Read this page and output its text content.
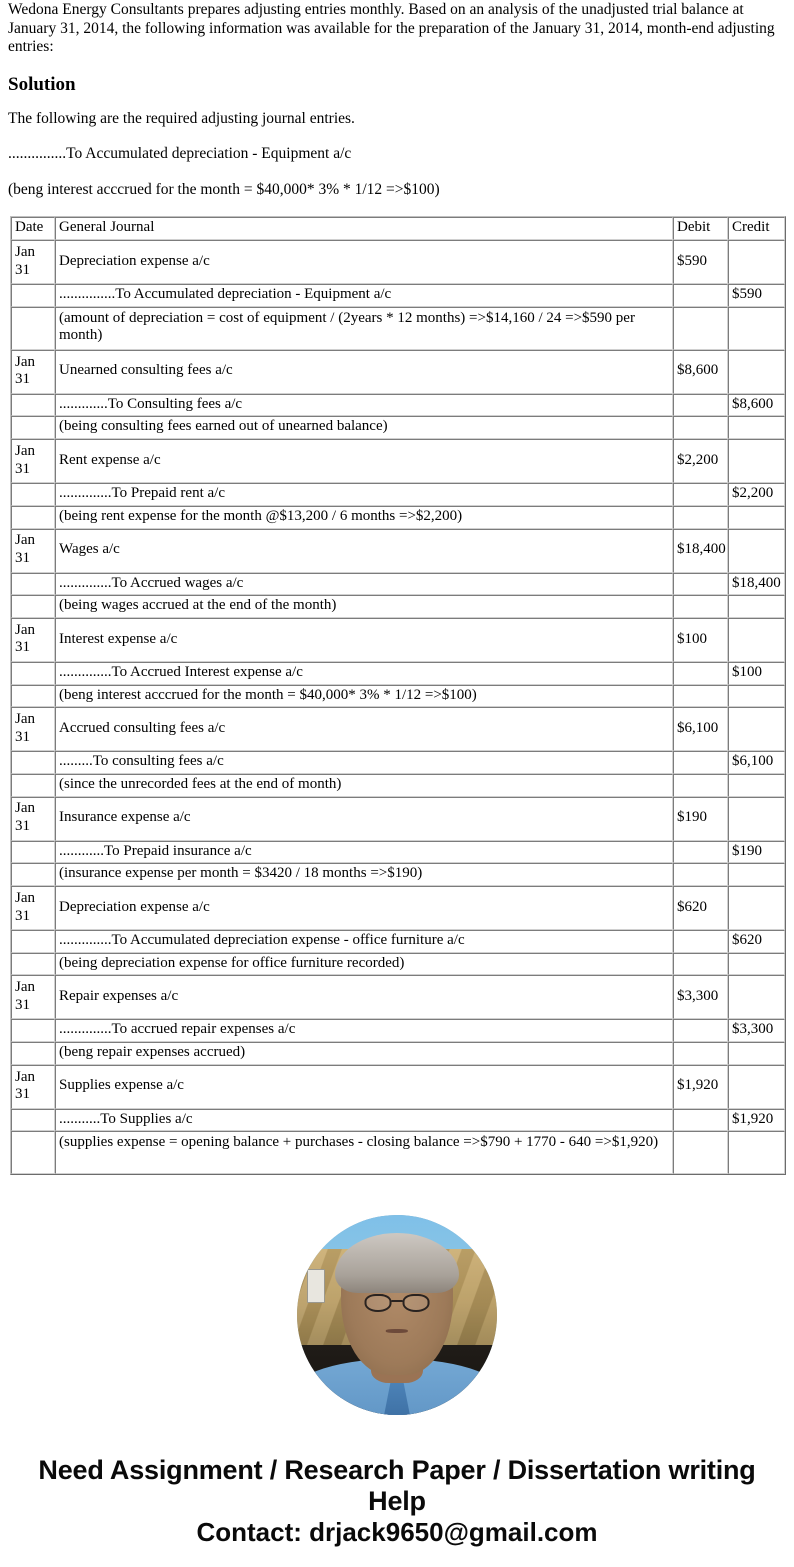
Wedona Energy Consultants prepares adjusting entries monthly. Based on an analysis of the unadjusted trial balance at January 31, 2014, the following information was available for the preparation of the January 31, 2014, month-end adjusting entries:

Solution

The following are the required adjusting journal entries.

...............To Accumulated depreciation - Equipment a/c

(beng interest acccrued for the month = $40,000* 3% * 1/12 =>$100)

Date	General Journal	Debit	Credit
Jan 31	Depreciation expense a/c	$590	
	...............To Accumulated depreciation - Equipment a/c		$590
	(amount of depreciation = cost of equipment / (2years * 12 months) =>$14,160 / 24 =>$590 per month)		
Jan 31	Unearned consulting fees a/c	$8,600	
	.............To Consulting fees a/c		$8,600
	(being consulting fees earned out of unearned balance)		
Jan 31	Rent expense a/c	$2,200	
	..............To Prepaid rent a/c		$2,200
	(being rent expense for the month @$13,200 / 6 months =>$2,200)		
Jan 31	Wages a/c	$18,400	
	..............To Accrued wages a/c		$18,400
	(being wages accrued at the end of the month)		
Jan 31	Interest expense a/c	$100	
	..............To Accrued Interest expense a/c		$100
	(beng interest acccrued for the month = $40,000* 3% * 1/12 =>$100)		
Jan 31	Accrued consulting fees a/c	$6,100	
	.........To consulting fees a/c		$6,100
	(since the unrecorded fees at the end of month)		
Jan 31	Insurance expense a/c	$190	
	............To Prepaid insurance a/c		$190
	(insurance expense per month = $3420 / 18 months =>$190)		
Jan 31	Depreciation expense a/c	$620	
	..............To Accumulated depreciation expense - office furniture a/c		$620
	(being depreciation expense for office furniture recorded)		
Jan 31	Repair expenses a/c	$3,300	
	..............To accrued repair expenses a/c		$3,300
	(beng repair expenses accrued)		
Jan 31	Supplies expense a/c	$1,920	
	...........To Supplies a/c		$1,920
	(supplies expense = opening balance + purchases - closing balance =>$790 + 1770 - 640 =>$1,920)		
Need Assignment / Research Paper / Dissertation writing Help
Contact: drjack9650@gmail.com
